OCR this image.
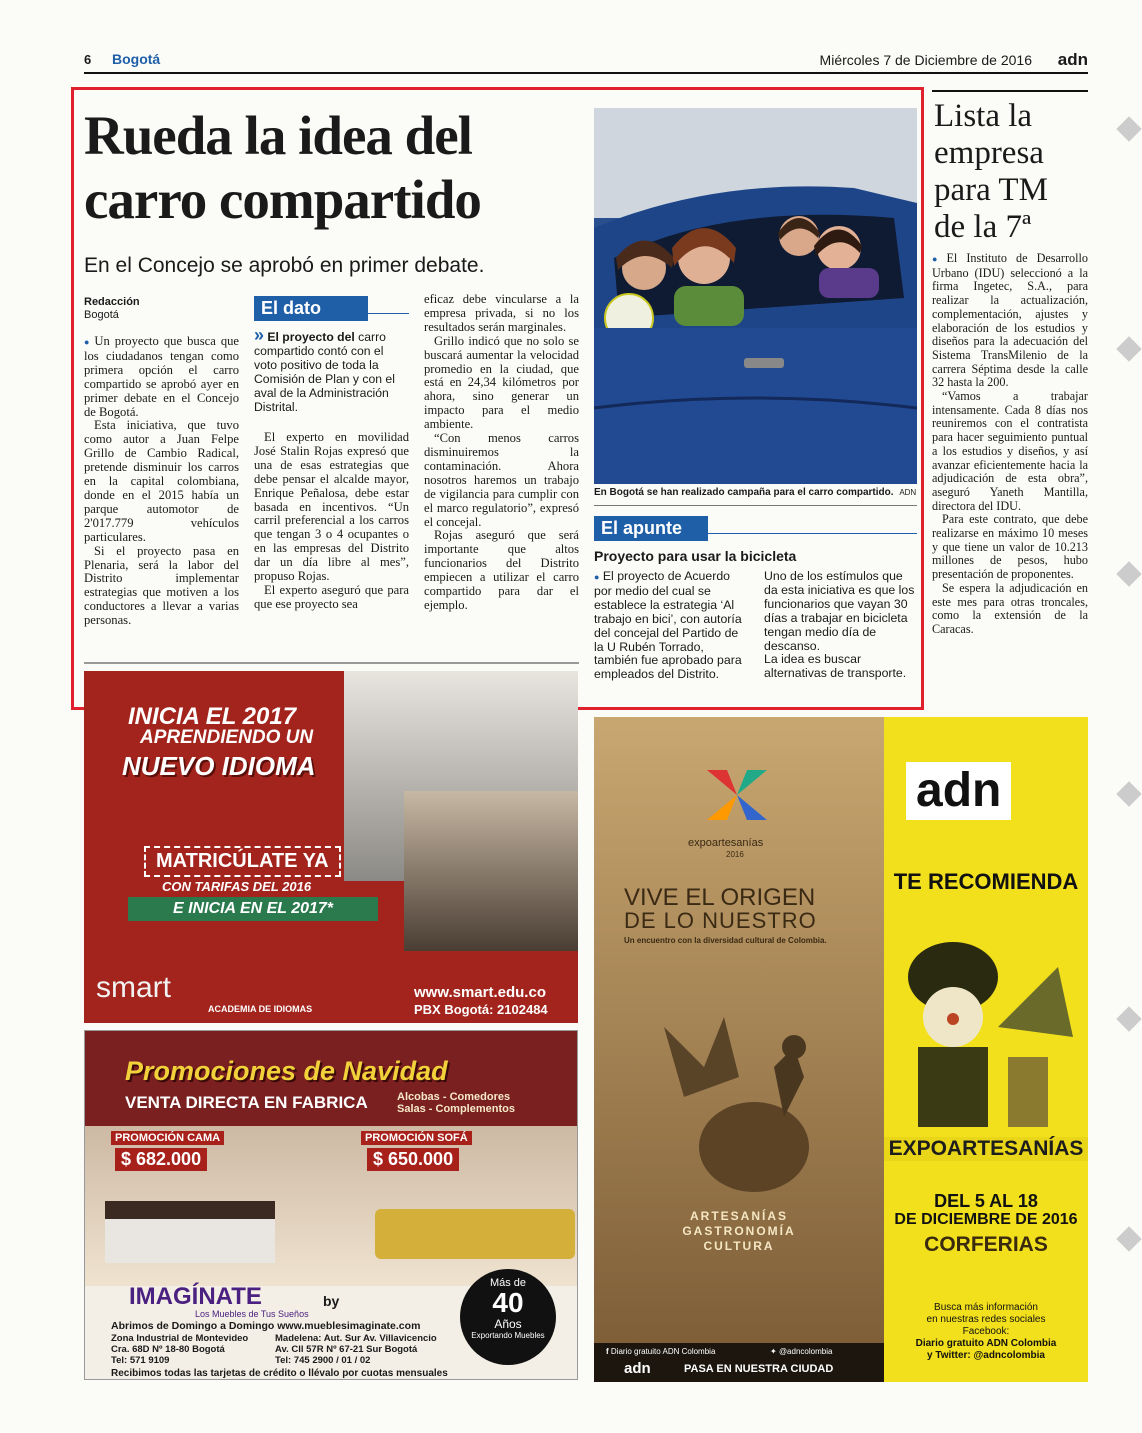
6 Bogotá	Miércoles 7 de Diciembre de 2016 adn
Rueda la idea del
carro compartido
En el Concejo se aprobó en primer debate.
Redacción
Bogotá

● Un proyecto que busca que los ciudadanos tengan como primera opción el carro compartido se aprobó ayer en primer debate en el Concejo de Bogotá.

Esta iniciativa, que tuvo como autor a Juan Felpe Grillo de Cambio Radical, pretende disminuir los carros en la capital colombiana, donde en el 2015 había un parque automotor de 2'017.779 vehículos particulares.

Si el proyecto pasa en Plenaria, será la labor del Distrito implementar estrategias que motiven a los conductores a llevar a varias personas.

El dato
» El proyecto del carro compartido contó con el voto positivo de toda la Comisión de Plan y con el aval de la Administración Distrital.

El experto en movilidad José Stalin Rojas expresó que una de esas estrategias que debe pensar el alcalde mayor, Enrique Peñalosa, debe estar basada en incentivos. “Un carril preferencial a los carros que tengan 3 o 4 ocupantes o en las empresas del Distrito dar un día libre al mes”, propuso Rojas.

El experto aseguró que para que ese proyecto sea

eficaz debe vincularse a la empresa privada, si no los resultados serán marginales.

Grillo indicó que no solo se buscará aumentar la velocidad promedio en la ciudad, que está en 24,34 kilómetros por ahora, sino generar un impacto para el medio ambiente.

“Con menos carros disminuiremos la contaminación. Ahora nosotros haremos un trabajo de vigilancia para cumplir con el marco regulatorio”, expresó el concejal.

Rojas aseguró que será importante que altos funcionarios del Distrito empiecen a utilizar el carro compartido para dar el ejemplo.

En Bogotá se han realizado campaña para el carro compartido. ADN
El apunte
Proyecto para usar la bicicleta
● El proyecto de Acuerdo por medio del cual se establece la estrategia ‘Al trabajo en bici’, con autoría del concejal del Partido de la U Rubén Torrado, también fue aprobado para empleados del Distrito.

Uno de los estímulos que da esta iniciativa es que los funcionarios que vayan 30 días a trabajar en bicicleta tengan medio día de descanso.

La idea es buscar alternativas de transporte.

Lista la
empresa
para TM
de la 7ª

● El Instituto de Desarrollo Urbano (IDU) seleccionó a la firma Ingetec, S.A., para realizar la actualización, complementación, ajustes y elaboración de los estudios y diseños para la adecuación del Sistema TransMilenio de la carrera Séptima desde la calle 32 hasta la 200.

“Vamos a trabajar intensamente. Cada 8 días nos reuniremos con el contratista para hacer seguimiento puntual a los estudios y diseños, y así avanzar eficientemente hacia la adjudicación de esta obra”, aseguró Yaneth Mantilla, directora del IDU.

Para este contrato, que debe realizarse en máximo 10 meses y que tiene un valor de 10.213 millones de pesos, hubo presentación de proponentes.

Se espera la adjudicación en este mes para otras troncales, como la extensión de la Caracas.

INICIA EL 2017
APRENDIENDO UN
NUEVO IDIOMA
MATRICÚLATE YA
CON TARIFAS DEL 2016
E INICIA EN EL 2017*
smart
ACADEMIA DE IDIOMAS
www.smart.edu.co
PBX Bogotá: 2102484
Promociones de Navidad
VENTA DIRECTA EN FABRICA	Alcobas - Comedores
Salas - Complementos
PROMOCIÓN CAMA
$ 682.000
PROMOCIÓN SOFÁ
$ 650.000
IMAGÍNATE
Los Muebles de Tus Sueños
by
Más de
40
Años
Exportando Muebles
Abrimos de Domingo a Domingo www.mueblesimaginate.com
Zona Industrial de Montevideo
Cra. 68D Nº 18-80 Bogotá
Tel: 571 9109
Madelena: Aut. Sur Av. Villavicencio
Av. Cll 57R Nº 67-21 Sur Bogotá
Tel: 745 2900 / 01 / 02
Recibimos todas las tarjetas de crédito o llévalo por cuotas mensuales
expoartesanías
2016
VIVE EL ORIGEN
DE LO NUESTRO
Un encuentro con la diversidad cultural de Colombia.
ARTESANÍAS
GASTRONOMÍA
CULTURA
f Diario gratuito ADN Colombia	✦ @adncolombia
adn	PASA EN NUESTRA CIUDAD
adn
TE RECOMIENDA
EXPOARTESANÍAS
DEL 5 AL 18
DE DICIEMBRE DE 2016
CORFERIAS
Busca más información
en nuestras redes sociales
Facebook:
Diario gratuito ADN Colombia
y Twitter: @adncolombia
